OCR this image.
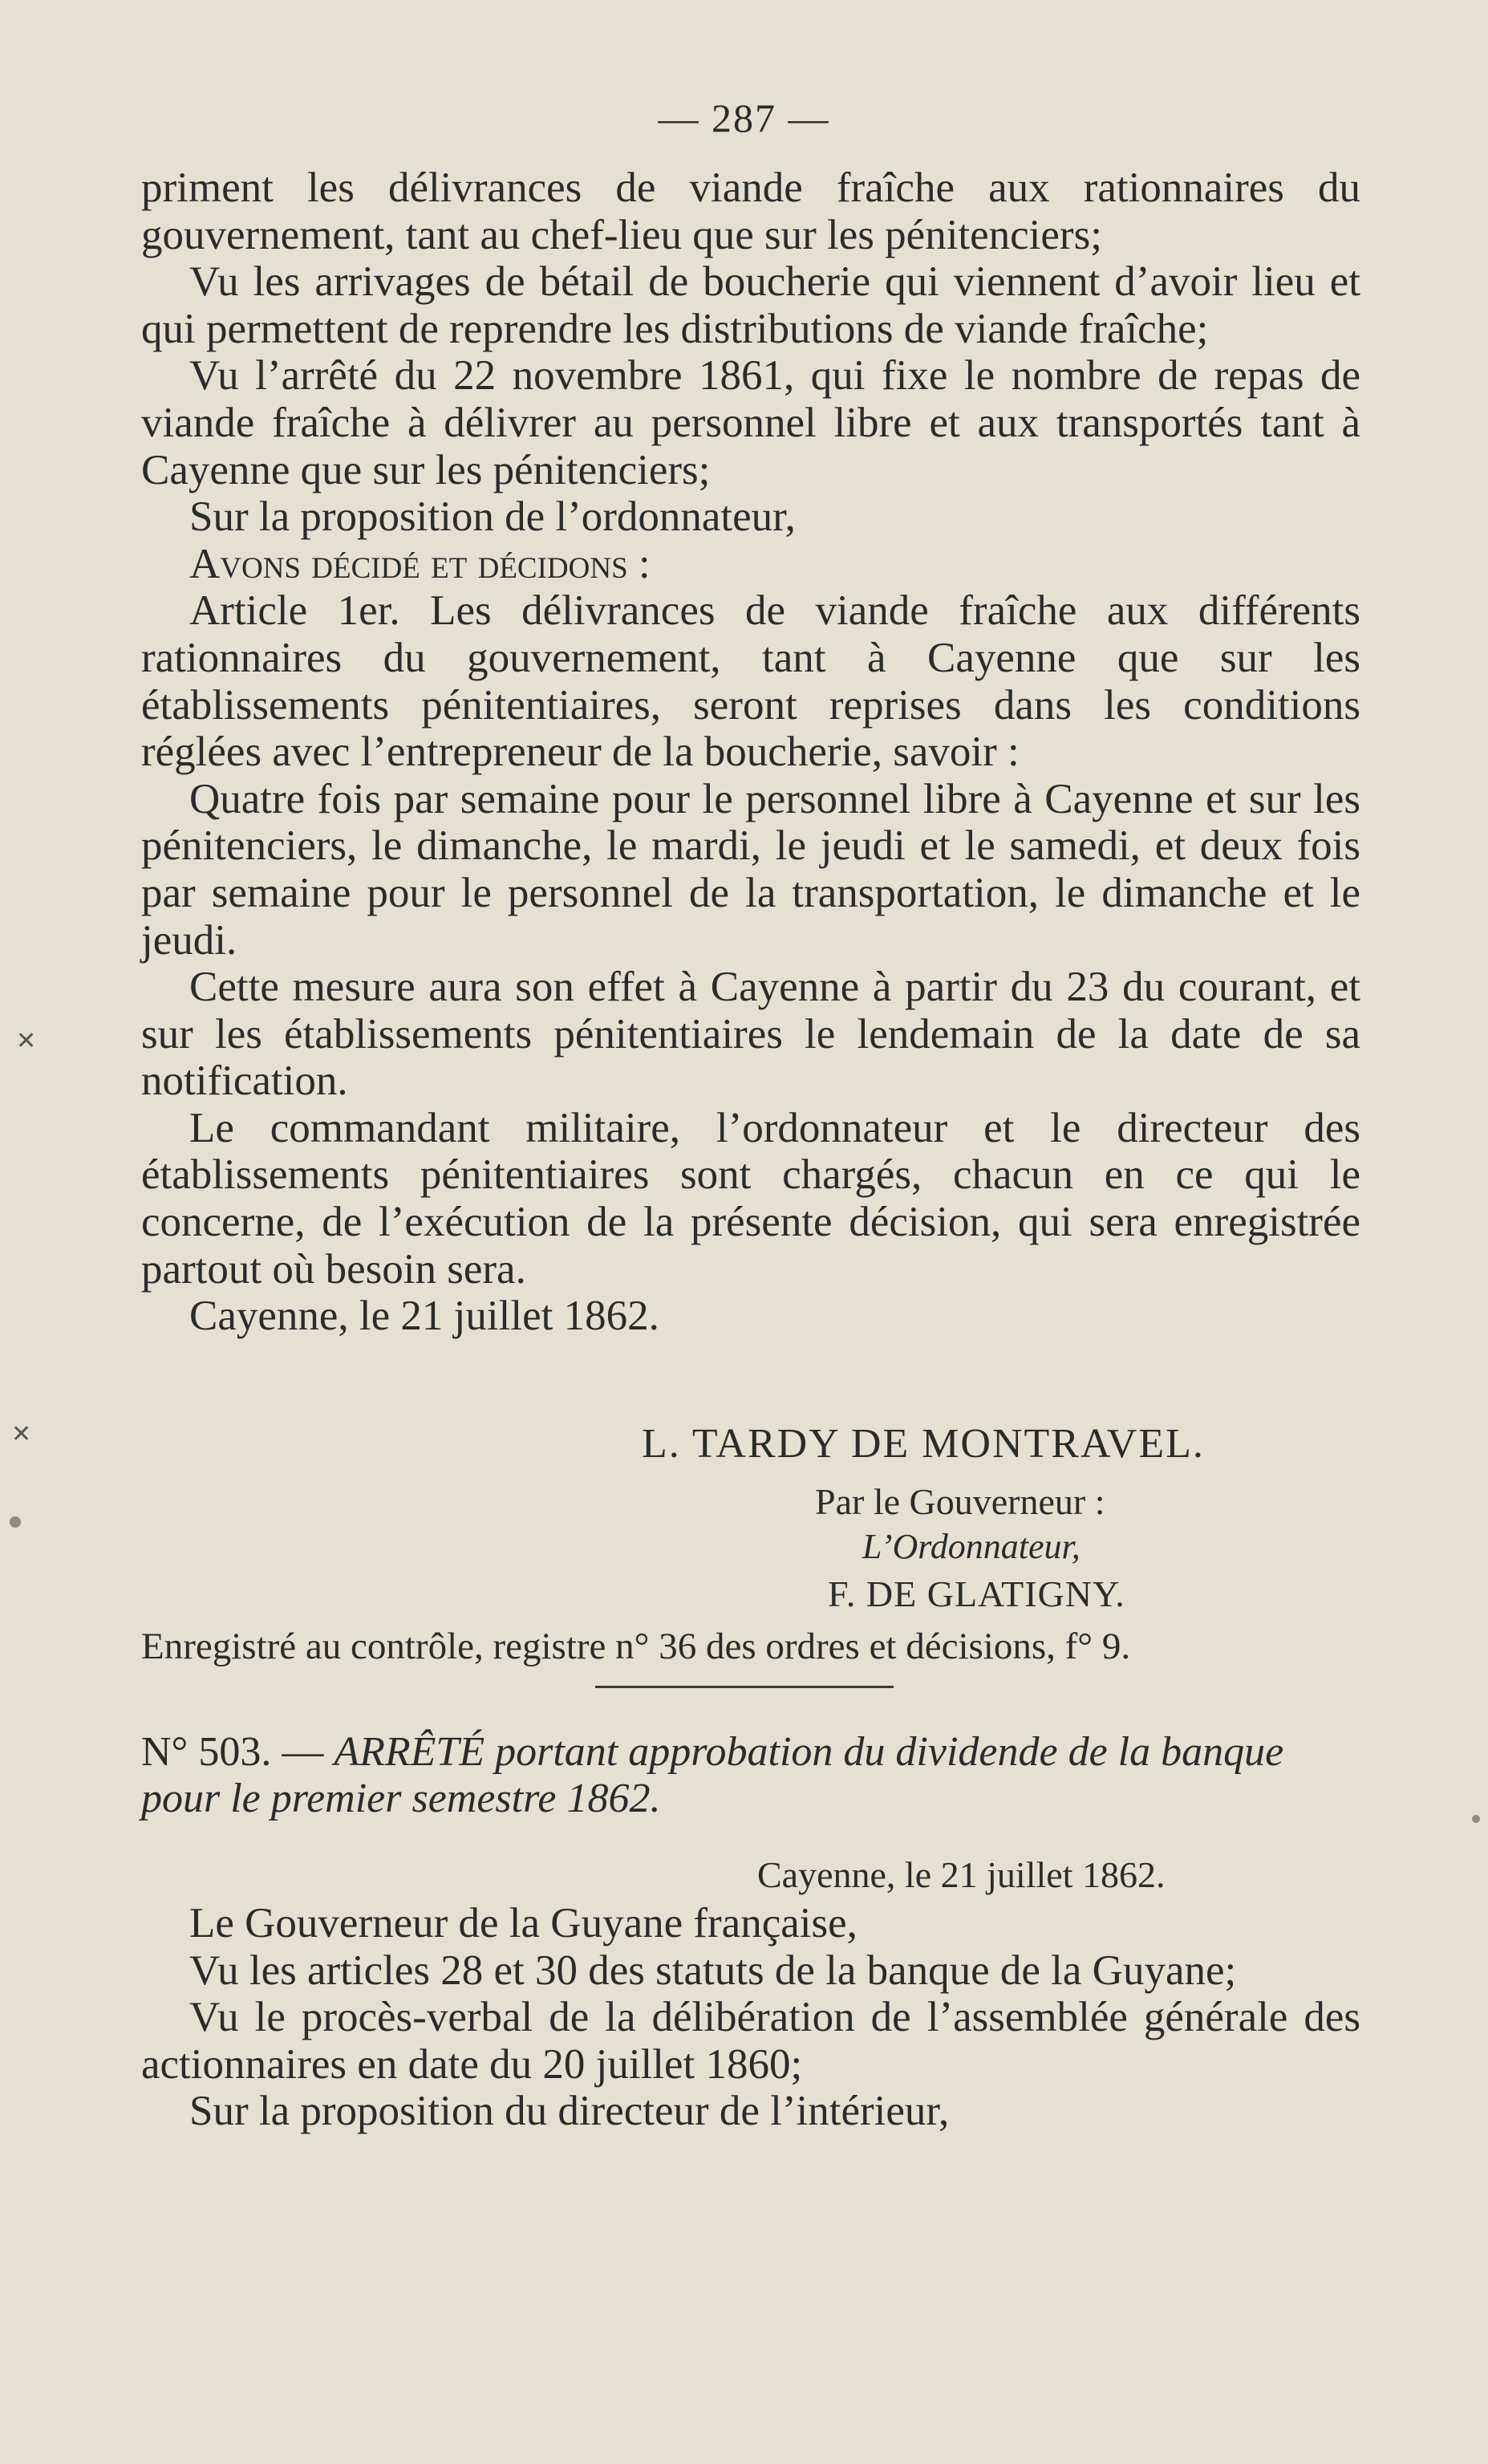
— 287 —

priment les délivrances de viande fraîche aux rationnaires du gouvernement, tant au chef-lieu que sur les pénitenciers;

Vu les arrivages de bétail de boucherie qui viennent d’avoir lieu et qui permettent de reprendre les distributions de viande fraîche;

Vu l’arrêté du 22 novembre 1861, qui fixe le nombre de repas de viande fraîche à délivrer au personnel libre et aux transportés tant à Cayenne que sur les pénitenciers;

Sur la proposition de l’ordonnateur,

Avons décidé et décidons :

Article 1er. Les délivrances de viande fraîche aux différents rationnaires du gouvernement, tant à Cayenne que sur les établissements pénitentiaires, seront reprises dans les conditions réglées avec l’entrepreneur de la boucherie, savoir :

Quatre fois par semaine pour le personnel libre à Cayenne et sur les pénitenciers, le dimanche, le mardi, le jeudi et le samedi, et deux fois par semaine pour le personnel de la transportation, le dimanche et le jeudi.

Cette mesure aura son effet à Cayenne à partir du 23 du courant, et sur les établissements pénitentiaires le lendemain de la date de sa notification.

Le commandant militaire, l’ordonnateur et le directeur des établissements pénitentiaires sont chargés, chacun en ce qui le concerne, de l’exécution de la présente décision, qui sera enregistrée partout où besoin sera.

Cayenne, le 21 juillet 1862.

L. TARDY DE MONTRAVEL.
Par le Gouverneur :
L’Ordonnateur,
F. DE GLATIGNY.
Enregistré au contrôle, registre n° 36 des ordres et décisions, f° 9.
N° 503. — ARRÊTÉ portant approbation du dividende de la banque pour le premier semestre 1862.
Cayenne, le 21 juillet 1862.

Le Gouverneur de la Guyane française,

Vu les articles 28 et 30 des statuts de la banque de la Guyane;

Vu le procès-verbal de la délibération de l’assemblée générale des actionnaires en date du 20 juillet 1860;

Sur la proposition du directeur de l’intérieur,

✕
✕
